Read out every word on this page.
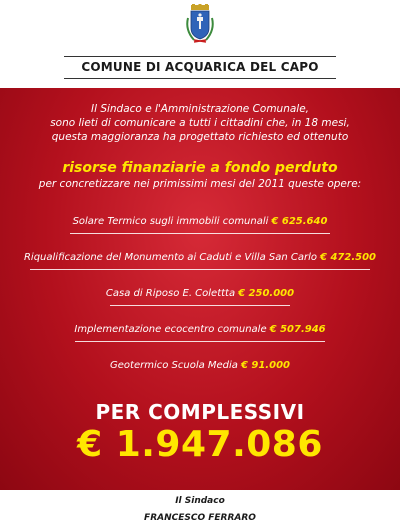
COMUNE DI ACQUARICA DEL CAPO
Il Sindaco e l'Amministrazione Comunale,
sono lieti di comunicare a tutti i cittadini che, in 18 mesi,
questa maggioranza ha progettato richiesto ed ottenuto
risorse finanziarie a fondo perduto
per concretizzare nei primissimi mesi del 2011 queste opere:
Solare Termico sugli immobili comunali € 625.640
Riqualificazione del Monumento ai Caduti e Villa San Carlo € 472.500
Casa di Riposo E. Colettta € 250.000
Implementazione ecocentro comunale € 507.946
Geotermico Scuola Media € 91.000
PER COMPLESSIVI
€ 1.947.086
Il Sindaco
FRANCESCO FERRARO
